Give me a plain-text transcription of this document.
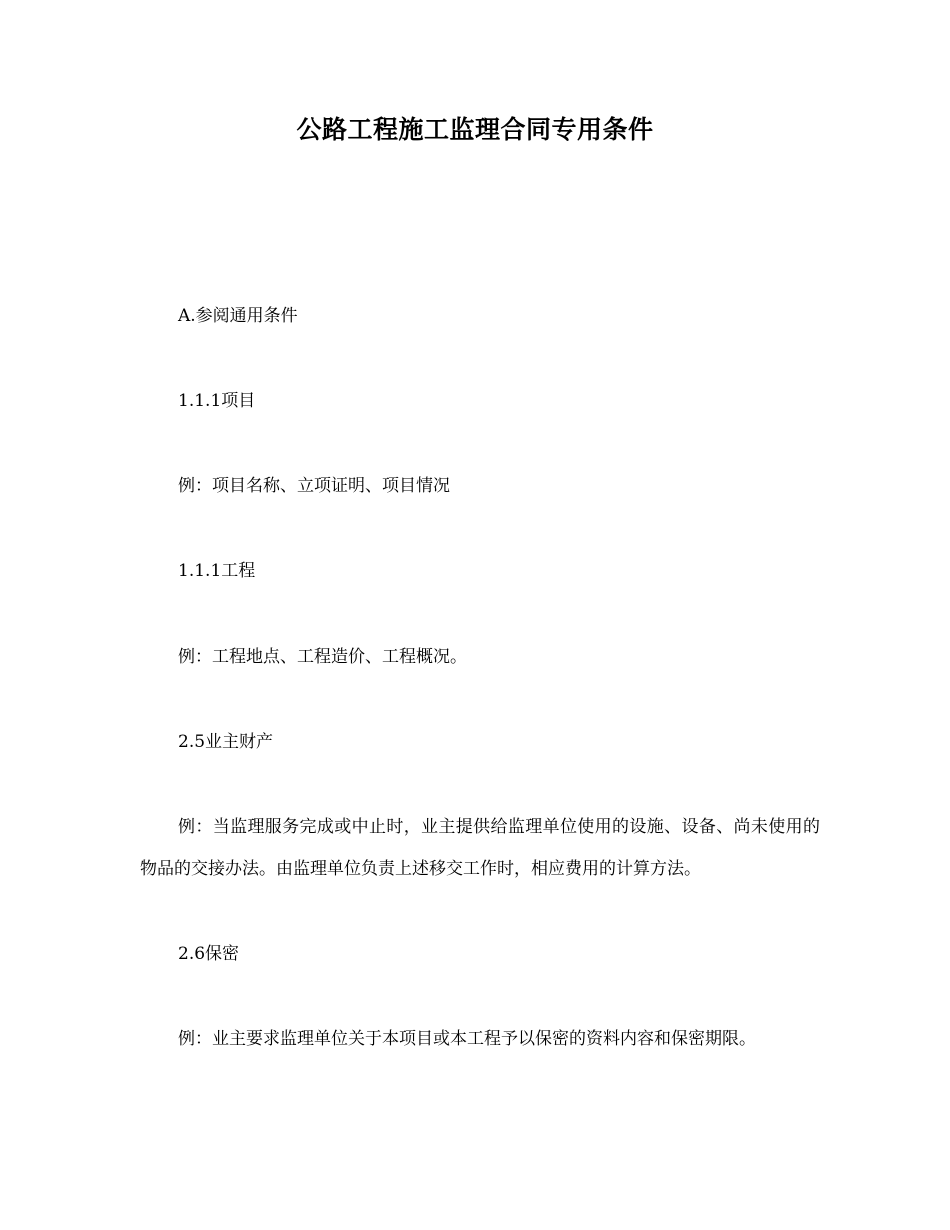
公路工程施工监理合同专用条件
A.参阅通用条件
1.1.1项目
例：项目名称、立项证明、项目情况
1.1.1工程
例：工程地点、工程造价、工程概况。
2.5业主财产
例：当监理服务完成或中止时，业主提供给监理单位使用的设施、设备、尚未使用的物品的交接办法。由监理单位负责上述移交工作时，相应费用的计算方法。
2.6保密
例：业主要求监理单位关于本项目或本工程予以保密的资料内容和保密期限。
